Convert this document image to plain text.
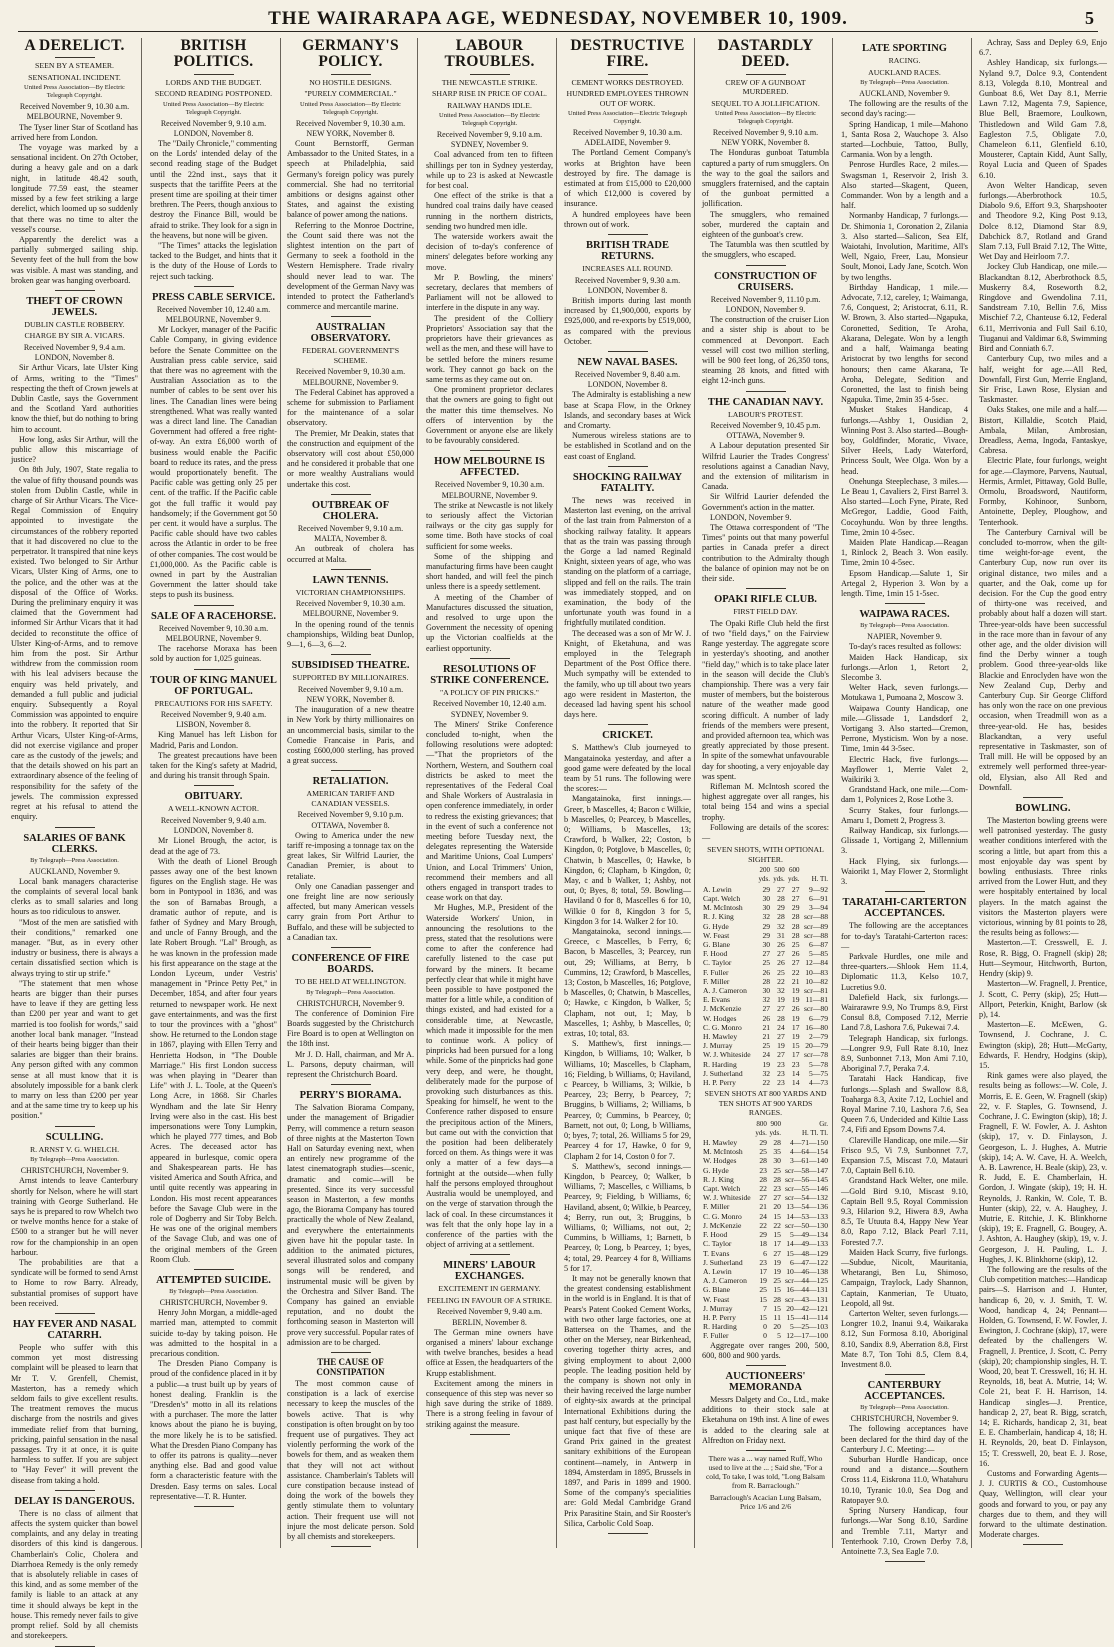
THE WAIRARAPA AGE, WEDNESDAY, NOVEMBER 10, 1909.	5
A DERELICT.
SEEN BY A STEAMER.
SENSATIONAL INCIDENT.
United Press Association—By Electric Telegraph Copyright.
Received November 9, 10.30 a.m.
MELBOURNE, November 9.

The Tyser liner Star of Scotland has arrived here from London.

The voyage was marked by a sensational incident. On 27th October, during a heavy gale and on a dark night, in latitude 48.42 south, longitude 77.59 east, the steamer missed by a few feet striking a large derelict, which loomed up so suddenly that there was no time to alter the vessel's course.

Apparently the derelict was a partially submerged sailing ship. Seventy feet of the hull from the bow was visible. A mast was standing, and broken gear was hanging overboard.

THEFT OF CROWN JEWELS.
DUBLIN CASTLE ROBBERY.
CHARGE BY SIR A. VICARS.
Received November 9, 9.4 a.m.
LONDON, November 8.

Sir Arthur Vicars, late Ulster King of Arms, writing to the "Times" respecting the theft of Crown jewels at Dublin Castle, says the Government and the Scotland Yard authorities know the thief, but do nothing to bring him to account.

How long, asks Sir Arthur, will the public allow this miscarriage of justice?

On 8th July, 1907, State regalia to the value of fifty thousand pounds was stolen from Dublin Castle, while in charge of Sir Arthur Vicars. The Vice-Regal Commission of Enquiry appointed to investigate the circumstances of the robbery reported that it had discovered no clue to the perpetrator. It transpired that nine keys existed. Two belonged to Sir Arthur Vicars, Ulster King of Arms, one to the police, and the other was at the disposal of the Office of Works. During the preliminary enquiry it was claimed that the Government had informed Sir Arthur Vicars that it had decided to reconstitute the office of Ulster King-of-Arms, and to remove him from the post. Sir Arthur withdrew from the commission room with his leal advisers because the enquiry was held privately, and demanded a full public and judicial enquiry. Subsequently a Royal Commission was appointed to enquire into the robbery. It reported that Sir Arthur Vicars, Ulster King-of-Arms, did not exercise vigilance and proper care as the custody of the jewels; and that the details showed on his part an extraordinary absence of the feeling of responsibility for the safety of the jewels. The commission expressed regret at his refusal to attend the enquiry.

SALARIES OF BANK CLERKS.
By Telegraph—Press Association.
AUCKLAND, November 9.

Local bank managers characterise the complaints of several local bank clerks as to small salaries and long hours as too ridiculous to answer.

"Most of the men are satisfied with their conditions," remarked one manager. "But, as in every other industry or business, there is always a certain dissatisfied section which is always trying to stir up strife."

"The statement that men whose hearts are bigger than their purses have to leave if they are getting less than £200 per year and want to get married is too foolish for words," said another local bank manager. "Instead of their hearts being bigger than their salaries are bigger than their brains. Any person gifted with any common sense at all must know that it is absolutely impossible for a bank clerk to marry on less than £200 per year and at the same time try to keep up his position."

SCULLING.
R. ARNST V. G. WHELCH.
By Telegraph—Press Association.
CHRISTCHURCH, November 9.

Arnst intends to leave Canterbury shortly for Nelson, where he will start training with George Sutherland. He says he is prepared to row Whelch two or twelve months hence for a stake of £500 to a stranger but he will never row for the championship in an open harbour.

The probabilities are that a syndicate will be formed to send Arnst to Home to row Barry. Already, substantial promises of support have been received.

HAY FEVER AND NASAL CATARRH.

People who suffer with this common yet most distressing complaint will be pleased to learn that Mr T. V. Grenfell, Chemist, Masterton, has a remedy which seldom fails to give excellent results. The treatment removes the mucus discharge from the nostrils and gives immediate relief from that burning, pricking, painful sensation in the nasal passages. Try it at once, it is quite harmless to suffer. If you are subject to "Hay Fever" it will prevent the disease from taking a hold.

DELAY IS DANGEROUS.

There is no class of ailment that affects the system quicker than bowel complaints, and any delay in treating disorders of this kind is dangerous. Chamberlain's Colic, Cholera and Diarrhoea Remedy is the only remedy that is absolutely reliable in cases of this kind, and as some member of the family is liable to an attack at any time it should always be kept in the house. This remedy never fails to give prompt relief. Sold by all chemists and storekeepers.

BRITISH POLITICS.
LORDS AND THE BUDGET.
SECOND READING POSTPONED.
United Press Association—By Electric Telegraph Copyright.
Received November 9, 9.10 a.m.
LONDON, November 8.

The "Daily Chronicle," commenting on the Lords' intended delay of the second reading stage of the Budget until the 22nd inst., says that it suspects that the tariffite Peers at the present time are spoiling at their timer brethren. The Peers, though anxious to destroy the Finance Bill, would be afraid to strike. They look for a sign in the heavens, but none will be given.

"The Times" attacks the legislation tacked to the Budget, and hints that it is the duty of the House of Lords to reject such tacking.

PRESS CABLE SERVICE.
Received November 10, 12.40 a.m.
MELBOURNE, November 9.

Mr Lockyer, manager of the Pacific Cable Company, in giving evidence before the Senate Committee on the Australian press cable service, said that there was no agreement with the Australian Association as to the number of cables to be sent over his lines. The Canadian lines were being strengthened. What was really wanted was a direct land line. The Canadian Government had offered a free right-of-way. An extra £6,000 worth of business would enable the Pacific board to reduce its rates, and the press would proportionately benefit. The Pacific cable was getting only 25 per cent. of the traffic. If the Pacific cable got the full traffic it would pay handsomely; if the Government got 50 per cent. it would have a surplus. The Pacific cable should have two cables across the Atlantic in order to be free of other companies. The cost would be £1,000,000. As the Pacific cable is owned in part by the Australian Government the latter should take steps to push its business.

SALE OF A RACEHORSE.
Received November 9, 10.30 a.m.
MELBOURNE, November 9.

The racehorse Moraxa has been sold by auction for 1,025 guineas.

TOUR OF KING MANUEL OF PORTUGAL.
PRECAUTIONS FOR HIS SAFETY.
Received November 9, 9.40 a.m.
LISBON, November 8.

King Manuel has left Lisbon for Madrid, Paris and London.

The greatest precautions have been taken for the King's safety at Madrid, and during his transit through Spain.

OBITUARY.
A WELL-KNOWN ACTOR.
Received November 9, 9.40 a.m.
LONDON, November 8.

Mr Lionel Brough, the actor, is dead at the age of 73.

With the death of Lionel Brough passes away one of the best known figures on the English stage. He was born in Pontypool in 1836, and was the son of Barnabas Brough, a dramatic author of repute, and is father of Sydney and Mary Brough, and uncle of Fanny Brough, and the late Robert Brough. "Lal" Brough, as he was known in the profession made his first appearance on the stage at the London Lyceum, under Vestris' management in "Prince Petty Pet," in December, 1854, and after four years returned to newspaper work. He next gave entertainments, and was the first to tour the provinces with a "ghost" show. He returned to the London stage in 1867, playing with Ellen Terry and Henrietta Hodson, in "The Double Marriage." His first London success was when playing in "Dearer than Life" with J. L. Toole, at the Queen's Long Acre, in 1868. Sir Charles Wyndham and the late Sir Henry Irving were also in the cast. His best impersonations were Tony Lumpkin, which he played 777 times, and Bob Acres. The deceased actor has appeared in burlesque, comic opera and Shakespearean parts. He has visited America and South Africa, and until quite recently was appearing in London. His most recent appearances before the Savage Club were in the role of Dogberry and Sir Toby Belch. He was one of the original members of the Savage Club, and was one of the original members of the Green Room Club.

ATTEMPTED SUICIDE.
By Telegraph—Press Association.
CHRISTCHURCH, November 9.

Henry John Morgan, a middle-aged married man, attempted to commit suicide to-day by taking poison. He was admitted to the hospital in a precarious condition.

The Dresden Piano Company is proud of the confidence placed in it by a public—a trust built up by years of honest dealing. Franklin is the "Dresden's" motto in all its relations with a purchaser. The more the latter knows about the piano he is buying, the more likely he is to be satisfied. What the Dresden Piano Company has to offer its patrons is quality—never anything else. Bad and good value form a characteristic feature with the Dresden. Easy terms on sales. Local representative—T. R. Hunter.

GERMANY'S POLICY.
NO HOSTILE DESIGNS.
"PURELY COMMERCIAL."
United Press Association—By Electric Telegraph Copyright.
Received November 9, 10.30 a.m.
NEW YORK, November 8.

Count Bernstorff, German Ambassador to the United States, in a speech at Philadelphia, said Germany's foreign policy was purely commercial. She had no territorial ambitions or designs against other States, and against the existing balance of power among the nations.

Referring to the Monroe Doctrine, the Count said there was not the slightest intention on the part of Germany to seek a foothold in the Western Hemisphere. Trade rivalry should never lead to war. The development of the German Navy was intended to protect the Fatherland's commerce and mercantile marine.

AUSTRALIAN OBSERVATORY.
FEDERAL GOVERNMENT'S SCHEME.
Received November 9, 10.30 a.m.
MELBOURNE, November 9.

The Federal Cabinet has approved a scheme for submission to Parliament for the maintenance of a solar observatory.

The Premier, Mr Deakin, states that the construction and equipment of the observatory will cost about £50,000 and he considered it probable that one or more wealthy Australians would undertake this cost.

OUTBREAK OF CHOLERA.
Received November 9, 9.10 a.m.
MALTA, November 8.

An outbreak of cholera has occurred at Malta.

LAWN TENNIS.
VICTORIAN CHAMPIONSHIPS.
Received November 9, 10.30 a.m.
MELBOURNE, November 9.

In the opening round of the tennis championships, Wilding beat Dunlop, 9—1, 6—3, 6—2.

SUBSIDISED THEATRE.
SUPPORTED BY MILLIONAIRES.
Received November 9, 9.10 a.m.
NEW YORK, November 8.

The inauguration of a new theatre in New York by thirty millionaires on an uncommercial basis, similar to the Comedie Francaise in Paris, and costing £600,000 sterling, has proved a great success.

RETALIATION.
AMERICAN TARIFF AND CANADIAN VESSELS.
Received November 9, 9.10 p.m.
OTTAWA, November 8.

Owing to America under the new tariff re-imposing a tonnage tax on the great lakes, Sir Wilfrid Laurier, the Canadian Premier, is about to retaliate.

Only one Canadian passenger and one freight line are now seriously affected, but many American vessels carry grain from Port Arthur to Buffalo, and these will be subjected to a Canadian tax.

CONFERENCE OF FIRE BOARDS.
TO BE HELD AT WELLINGTON.
By Telegraph—Press Association.
CHRISTCHURCH, November 9.

The conference of Dominion Fire Boards suggested by the Christchurch Fire Board is to open at Wellington on the 18th inst.

Mr J. D. Hall, chairman, and Mr A. L. Parsons, deputy chairman, will represent the Christchurch Board.

PERRY'S BIORAMA.

The Salvation Biorama Company, under the management of Brigadier Perry, will commence a return season of three nights at the Masterton Town Hall on Saturday evening next, when an entirely new programme of the latest cinematograph studies—scenic, dramatic and comic—will be presented. Since its very successful season in Masterton, a few months ago, the Biorama Company has toured practically the whole of New Zealand, and everywhere the entertainments given have hit the popular taste. In addition to the animated pictures, several illustrated solos and company songs will be rendered, and instrumental music will be given by the Orchestra and Silver Band. The Company has gained an enviable reputation, and no doubt the forthcoming season in Masterton will prove very successful. Popular rates of admission are to be charged.

THE CAUSE OF CONSTIPATION

The most common cause of constipation is a lack of exercise necessary to keep the muscles of the bowels active. That is why constipation is often brought on by too frequent use of purgatives. They act violently performing the work of the bowels for them, and as weaken them that they will not act without assistance. Chamberlain's Tablets will cure constipation because instead of doing the work of the bowels they gently stimulate them to voluntary action. Their frequent use will not injure the most delicate person. Sold by all chemists and storekeepers.

LABOUR TROUBLES.
THE NEWCASTLE STRIKE.
SHARP RISE IN PRICE OF COAL.
RAILWAY HANDS IDLE.
United Press Association—By Electric Telegraph Copyright.
Received November 9, 9.10 a.m.
SYDNEY, November 9.

Coal advanced from ten to fifteen shillings per ton in Sydney yesterday, while up to 23 is asked at Newcastle for best coal.

One effect of the strike is that a hundred coal trains daily have ceased running in the northern districts, sending two hundred men idle.

The waterside workers await the decision of to-day's conference of miners' delegates before working any move.

Mr P. Bowling, the miners' secretary, declares that members of Parliament will not be allowed to interfere in the dispute in any way.

The president of the Colliery Proprietors' Association say that the proprietors have their grievances as well as the men, and these will have to be settled before the miners resume work. They cannot go back on the same terms as they came out on.

One prominent proprietor declares that the owners are going to fight out the matter this time themselves. No offers of intervention by the Government or anyone else are likely to be favourably considered.

HOW MELBOURNE IS AFFECTED.
Received November 9, 10.30 a.m.
MELBOURNE, November 9.

The strike at Newcastle is not likely to seriously affect the Victorian railways or the city gas supply for some time. Both have stocks of coal sufficient for some weeks.

Some of the shipping and manufacturing firms have been caught short handed, and will feel the pinch unless there is a speedy settlement.

A meeting of the Chamber of Manufactures discussed the situation, and resolved to urge upon the Government the necessity of opening up the Victorian coalfields at the earliest opportunity.

RESOLUTIONS OF STRIKE CONFERENCE.
"A POLICY OF PIN PRICKS."
Received November 10, 12.40 a.m.
SYDNEY, November 9.

The Miners' Strike Conference concluded to-night, when the following resolutions were adopted:—"That the proprietors of the Northern, Western, and Southern coal districts be asked to meet the representatives of the Federal Coal and Shale Workers of Australasia in open conference immediately, in order to redress the existing grievances; that in the event of such a conference not meeting before Tuesday next, the delegates representing the Waterside and Maritime Unions, Coal Lumpers' Union, and Local Trimmers' Union, recommend their members and all others engaged in transport trades to cease work on that day.

Mr Hughes, M.P., President of the Waterside Workers' Union, in announcing the resolutions to the press, stated that the resolutions were come to after the conference had carefully listened to the case put forward by the miners. It became perfectly clear that while it might have been possible to have postponed the matter for a little while, a condition of things existed, and had existed for a considerable time, at Newcastle, which made it impossible for the men to continue work. A policy of pinpricks had been pursued for a long while. Some of the pinpricks had gone very deep, and were, he thought, deliberately made for the purpose of provoking such disturbances as this. Speaking for himself, he went to the Conference rather disposed to ensure the precipitous action of the Miners, but came out with the conviction that the position had been deliberately forced on them. As things were it was only a matter of a few days—a fortnight at the outside—when fully half the persons employed throughout Australia would be unemployed, and on the verge of starvation through the lack of coal. In these circumstances it was felt that the only hope lay in a conference of the parties with the object of arriving at a settlement.

MINERS' LABOUR EXCHANGES.
EXCITEMENT IN GERMANY.
FEELING IN FAVOUR OF A STRIKE.
Received November 9, 9.40 a.m.
BERLIN, November 8.

The German mine owners have organised a miners' labour exchange with twelve branches, besides a head office at Essen, the headquarters of the Krupp establishment.

Excitement among the miners in consequence of this step was never so high save during the strike of 1889. There is a strong feeling in favour of striking against the measure.

DESTRUCTIVE FIRE.
CEMENT WORKS DESTROYED.
HUNDRED EMPLOYEES THROWN OUT OF WORK.
United Press Association—Electric Telegraph Copyright.
Received November 9, 10.30 a.m.
ADELAIDE, November 9.

The Portland Cement Company's works at Brighton have been destroyed by fire. The damage is estimated at from £15,000 to £20,000 of which £12,000 is covered by insurance.

A hundred employees have been thrown out of work.

BRITISH TRADE RETURNS.
INCREASES ALL ROUND.
Received November 9, 9.30 a.m.
LONDON, November 8.

British imports during last month increased by £1,900,000, exports by £925,000, and re-exports by £519,000, as compared with the previous October.

NEW NAVAL BASES.
Received November 9, 8.40 a.m.
LONDON, November 8.

The Admiralty is establishing a new base at Scapa Flow, in the Orkney Islands, and secondary bases at Wick and Cromarty.

Numerous wireless stations are to be established in Scotland and on the east coast of England.

SHOCKING RAILWAY FATALITY.

The news was received in Masterton last evening, on the arrival of the last train from Palmerston of a shocking railway fatality. It appears that as the train was passing through the Gorge a lad named Reginald Knight, sixteen years of age, who was standing on the platform of a carriage, slipped and fell on the rails. The train was immediately stopped, and on examination, the body of the unfortunate youth was found in a frightfully mutilated condition.

The deceased was a son of Mr W. J. Knight, of Eketahuna, and was employed in the Telegraph Department of the Post Office there. Much sympathy will be extended to the family, who up till about two years ago were resident in Masterton, the deceased lad having spent his school days here.

CRICKET.

S. Matthew's Club journeyed to Mangatainoka yesterday, and after a good game were defeated by the local team by 51 runs. The following were the scores:—

Mangatainoka, first innings.—Greer, b Mascelles, 4; Bacon c Wilkie, b Mascelles, 0; Pearcey, b Mascelles, 0; Williams, b Mascelles, 13; Crawford, b Walker, 22; Coston, b Kingdon, 0; Potglove, b Mascelles, 0; Chatwin, b Mascelles, 0; Hawke, b Kingdon, 6; Clapham, b Kingdon, 0; May, c and b Walker, 1; Ashby, not out, 0; Byes, 8; total, 59. Bowling—Haviland 0 for 8, Mascelles 6 for 10, Wilkie 0 for 8, Kingdon 3 for 5, Kingdon 3 for 14. Walker 2 for 10.

Mangatainoka, second innings.—Greece, c Mascelles, b Ferry, 6; Bacon, b Mascelles, 3; Pearcey, run out, 29; Williams, at Berry, b Cummins, 12; Crawford, b Mascelles, 13; Coston, b Mascelles, 16; Potglove, b Mascelles, 0; Chatwin, b Mascelles, 0; Hawke, c Kingdon, b Walker, 5; Clapham, not out, 1; May, b Mascelles, 1; Ashby, b Mascelles, 0; extras, 10; total, 83.

S. Matthew's, first innings.—Kingdon, b Williams, 10; Walker, b Williams, 10; Mascelles, b Clapham, 16; Fielding, b Williams, 0; Haviland, c Pearcey, b Williams, 3; Wilkie, b Pearcey, 23; Berry, b Pearcey, 7; Bruggins, b Williams, 2; Williams, b Pearcey, 0; Cummins, b Pearcey, 0; Barnett, not out, 0; Long, b Williams, 0; byes, 7; total, 26. Williams 5 for 29, Pearcey 4 for 17, Hawke, 0 for 9, Clapham 2 for 14, Coston 0 for 7.

S. Matthew's, second innings.—Kingdon, b Pearcey, 0; Walker, b Williams, 7; Mascelles, c Williams, b Pearcey, 9; Fielding, b Williams, 6; Haviland, absent, 0; Wilkie, b Pearcey, 4; Berry, run out, 3; Bruggins, b Williams, 0; Williams, not out, 2; Cummins, b Williams, 1; Barnett, b Pearcey, 0; Long, b Pearcey, 1; byes, 4; total, 29. Pearcey 4 for 8, Williams 5 for 17.

It may not be generally known that the greatest condensing establishment in the world is in England. It is that of Pears's Patent Cooked Cement Works, with two other large factories, one at Battersea on the Thames, and the other on the Mersey, near Birkenhead, covering together thirty acres, and giving employment to about 2,000 people. The leading position held by the company is shown not only in their having received the large number of eighty-six awards at the principal International Exhibitions during the past half century, but especially by the unique fact that five of these are Grand Prix gained in the greatest sanitary exhibitions of the European continent—namely, in Antwerp in 1894, Amsterdam in 1895, Brussels in 1897, and Paris in 1899 and 1900. Some of the company's specialities are: Gold Medal Cambridge Grand Prix Parasitine Stain, and Sir Rooster's Silica, Carbolic Cold Soap.

DASTARDLY DEED.
CREW OF A GUNBOAT MURDERED.
SEQUEL TO A JOLLIFICATION.
United Press Association—By Electric Telegraph Copyright.
Received November 9, 9.10 a.m.
NEW YORK, November 8.

The Honduras gunboat Tatumbla captured a party of rum smugglers. On the way to the goal the sailors and smugglers fraternised, and the captain of the gunboat permitted a jollification.

The smugglers, who remained sober, murdered the captain and eighteen of the gunboat's crew.

The Tatumbla was then scuttled by the smugglers, who escaped.

CONSTRUCTION OF CRUISERS.
Received November 9, 11.10 p.m.
LONDON, November 9.

The construction of the cruiser Lion and a sister ship is about to be commenced at Devonport. Each vessel will cost two million sterling, will be 900 feet long, of 26,350 tons, steaming 28 knots, and fitted with eight 12-inch guns.

THE CANADIAN NAVY.
LABOUR'S PROTEST.
Received November 9, 10.45 p.m.
OTTAWA, November 9.

A Labour deputation presented Sir Wilfrid Laurier the Trades Congress' resolutions against a Canadian Navy, and the extension of militarism in Canada.

Sir Wilfrid Laurier defended the Government's action in the matter.

LONDON, November 9.

The Ottawa correspondent of "The Times" points out that many powerful parties in Canada prefer a direct contribution to the Admiralty though the balance of opinion may not be on their side.

OPAKI RIFLE CLUB.
FIRST FIELD DAY.

The Opaki Rifle Club held the first of two "field days," on the Fairview Range yesterday. The aggregate score in yesterday's shooting, and another "field day," which is to take place later in the season will decide the Club's championship. There was a very fair muster of members, but the boisterous nature of the weather made good scoring difficult. A number of lady friends of the members were present, and provided afternoon tea, which was greatly appreciated by those present. In spite of the somewhat unfavourable day for shooting, a very enjoyable day was spent.

Rifleman M. McIntosh scored the highest aggregate over all ranges, his total being 154 and wins a special trophy.

Following are details of the scores:—

SEVEN SHOTS, WITH OPTIONAL SIGHTER.
	200	500	600	
	yds.	yds.	yds.	H. Tl.
A. Lewin	29	27	27	9—92
Capt. Welch	30	28	27	6—91
M. McIntosh	30	29	29	3—94
R. J. King	32	28	28	scr—88
G. Hyde	29	32	28	scr—89
W. Feast	29	31	28	scr—88
G. Blane	30	26	25	6—87
F. Hood	27	27	26	5—85
C. Taylor	25	26	27	12—84
F. Fuller	26	25	22	10—83
F. Miller	28	22	21	10—82
A. J. Cameron	30	32	19	scr—81
E. Evans	32	19	19	11—81
J. McKenzie	27	27	26	scr—80
W. Hodges	26	28	19	6—79
C. G. Monro	21	24	17	16—80
H. Mawley	21	27	19	2—79
J. Murray	25	19	15	20—79
W. J. Whiteside	24	27	17	scr—78
R. Harding	19	23	23	5—78
J. Sutherland	32	23	14	5—75
H. P. Perry	22	23	14	4—73
SEVEN SHOTS AT 800 YARDS AND TEN SHOTS AT 900 YARDS RANGES.
	800	900	Gr.
	yds.	yds.	H. Tl. Tl.
H. Mawley	29	28	4—71—150
M. McIntosh	25	35	4—64—154
W. Hodges	28	30	3—61—140
G. Hyde	23	25	scr—58—147
R. J. King	28	28	scr—56—145
Capt. Welch	22	23	scr—55—146
W. J. Whiteside	27	27	scr—54—132
F. Miller	21	20	13—54—136
C. G. Monro	24	15	14—53—133
J. McKenzie	22	22	scr—50—130
F. Hood	29	15	5—49—134
C. Taylor	18	17	14—49—133
T. Evans	6	27	15—48—129
J. Sutherland	23	19	6—47—122
A. Lewin	17	19	10—46—138
A. J. Cameron	19	25	scr—44—125
G. Blane	25	15	16—44—131
W. Feast	15	28	scr—43—131
J. Murray	7	15	20—42—121
H. P. Perry	15	11	15—41—114
R. Harding	0	20	5—25—103
F. Fuller	0	5	12—17—100

Aggregate over ranges 200, 500, 600, 800 and 900 yards.

AUCTIONEERS' MEMORANDA

Messrs Dalgety and Co., Ltd., make additions to their stock sale at Eketahuna on 19th inst. A line of ewes is added to the clearing sale at Alfredton on Friday next.

There was a ... way named Ruff, Who used to live at the ... ; Said she, "For a cold, To take, I was told, "Long Balsam from R. Barraclough."
Barraclough's Acacian Lung Balsam, Price 1/6 and 2/6
LATE SPORTING
RACING.
AUCKLAND RACES.
By Telegraph—Press Association.
AUCKLAND, November 9.

The following are the results of the second day's racing:—

Spring Handicap, 1 mile—Mahono 1, Santa Rosa 2, Wauchope 3. Also started—Lochbuie, Tattoo, Bully, Carmania. Won by a length.

Penrose Hurdles Race, 2 miles.—Swagsman 1, Reservoir 2, Irish 3. Also started—Skagent, Queen, Commander. Won by a length and a half.

Normanby Handicap, 7 furlongs.—Dr. Shimonia 1, Coronation 2, Zilania 3. Also started—Salicon, Sea Elf, Waiotahi, Involution, Maritime, All's Well, Ngaio, Freer, Lau, Monsieur Soult, Monoi, Lady Jane, Scotch. Won by two lengths.

Birthday Handicap, 1 mile.—Advocate, 7.12, careley, 1; Waimanga, 7.6, Conquest, 2; Aristocrat, 6.11, R. W. Brown, 3. Also started—Ngapuka, Coronetted, Sedition, Te Aroha, Akarana, Delegate. Won by a length and a half, Waimanga beating Aristocrat by two lengths for second honours; then came Akarana, Te Aroha, Delegate, Sedition and Coronetted, the last to finish being Ngapuka. Time, 2min 35 4-5sec.

Musket Stakes Handicap, 4 furlongs.—Ashby 1, Ousidian 2, Winning Post 3. Also started—Bough-boy, Goldfinder, Moratic, Vivace, Silver Heels, Lady Waterford, Princess Soult, Wee Olga. Won by a head.

Onehunga Steeplechase, 3 miles.—Le Beau 1, Cavaliers 2, First Barrel 3. Also started—Loch Fyne, Pirate, Red McGregor, Laddie, Good Faith, Cocoyhundu. Won by three lengths. Time, 2min 10 4-5sec.

Maiden Plate Handicap.—Reagan 1, Rinlock 2, Beach 3. Won easily. Time, 2min 10 4-5sec.

Epsom Handicap.—Salute 1, Sir Artegal 2, Hyperion 3. Won by a length. Time, 1min 15 1-5sec.

WAIPAWA RACES.
By Telegraph—Press Association.
NAPIER, November 9.

To-day's races resulted as follows:

Maiden Hack Handicap, six furlongs.—Arlon 1, Retort 2, Slecombe 3.

Welter Hack, seven furlongs.—Motukawa 1, Pumoana 2, Moscow 3.

Waipawa County Handicap, one mile.—Glissade 1, Landsdorf 2, Vortigang 3. Also started—Cremon, Perrone, Mysticism. Won by a nose. Time, 1min 44 3-5sec.

Electric Hack, five furlongs.—Mayflower 1, Merrie Valet 2, Waikiriki 3.

Grandstand Hack, one mile.—Com-dam 1, Polynices 2, Rose Lothe 3.

Scurry Stakes, four furlongs.—Amaru 1, Domett 2, Progress 3.

Railway Handicap, six furlongs.—Glissade 1, Vortigang 2, Millennium 3.

Hack Flying, six furlongs.—Waiorikt 1, May Flower 2, Stormlight 3.

TARATAHI-CARTERTON ACCEPTANCES.

The following are the acceptances for to-day's Taratahi-Carterton races:—

Parkvale Hurdles, one mile and three-quarters.—Shlook Hem 11.4, Diplomatic 11.3, Kelso 10.7, Lucretius 9.0.

Dalefield Hack, six furlongs.—Wairarawre 9.9, No Trumps 8.9, First Consul 8.8, Composed 7.12, Merrie Land 7.8, Lashora 7.6, Pukewai 7.4.

Telegraph Handicap, six furlongs.—Longrer 9.9, Full Rate 8.10, Inez 8.9, Sunbonnet 7.13, Mon Ami 7.10, Aboriginal 7.7, Peraka 7.4.

Taratahi Hack Handicap, five furlongs.—Splash and Swallow 8.8, Toaharga 8.3, Axite 7.12, Lochiel and Royal Marine 7.10, Lashora 7.6, Sea Queen 7.6, Undecided and Kiltie Lass 7.4, Fifi and Epsom Downs 7.4.

Clareville Handicap, one mile.—Sir Frisco 9.5, Vi 7.9, Sunbonnet 7.7, Expansion 7.5, Miscast 7.0, Matauri 7.0, Captain Bell 6.10.

Grandstand Hack Welter, one mile.—Gold Bird 9.10, Miscast 9.10, Captain Bell 9.5, Royal Commission 9.3, Hilarion 9.2, Hiwera 8.9, Awha 8.5, Te Utuuta 8.4, Happy New Year 8.0, Rapo 7.12, Black Pearl 7.11, Forested 7.7.

Maiden Hack Scurry, five furlongs.—Subdue, Nicolt, Mauritania, Whetarangi, Ben Lu, Shimoso, Campaign, Traylock, Lady Shannon, Captain, Kanmerian, Te Utuato, Leopold, all 9st.

Carterton Welter, seven furlongs.—Longrer 10.2, Inanui 9.4, Waikaraka 8.12, Sun Formosa 8.10, Aboriginal 8.10, Sandix 8.9, Aberration 8.8, First Mate 8.7, Ton Tohi 8.5, Clem 8.4, Investment 8.0.

CANTERBURY ACCEPTANCES.
By Telegraph—Press Association.
CHRISTCHURCH, November 9.

The following acceptances have been declared for the third day of the Canterbury J. C. Meeting:—

Suburban Hurdle Handicap, once round and a distance.—Southern Cross 11.4, Eiskrona 11.0, Whatahuru 10.10, Tyranic 10.0, Sea Dog and Ratopayer 9.0.

Spring Nursery Handicap, four furlongs.—War Song 8.10, Sardine and Tremble 7.11, Martyr and Tenterhook 7.10, Crown Derby 7.8, Antoinette 7.3, Sea Eagle 7.0.

Achray, Sass and Depley 6.9, Enjo 6.7.

Ashley Handicap, six furlongs.—Nyland 9.7, Dolce 9.3, Contendent 8.13, Volegda 8.10, Montreal and Gunboat 8.6, Wet Day 8.1, Merrie Lawn 7.12, Magenta 7.9, Sapience, Blue Bell, Braemore, Loulkown, Thistledown and Wild Gam 7.8, Eagleston 7.5, Obligate 7.0, Chameleon 6.11, Glenfield 6.10, Mousterer, Captain Kidd, Aunt Sally, Royal Lucia and Queen of Spades 6.10.

Avon Welter Handicap, seven furlongs.—Aberbrothock 10.5, Diabolo 9.6, Effort 9.3, Sharpshooter and Theodore 9.2, King Post 9.13, Dolce 8.12, Diamond Star 8.9, Dabchick 8.7, Rotland and Grand Slam 7.13, Full Braid 7.12, The Witte, Wet Day and Heirloom 7.7.

Jockey Club Handicap, one mile.—Blackandtan 8.12, Aberbrothock 8.5, Muskerry 8.4, Roseworth 8.2, Ringdove and Gwendolina 7.11, Sandstream 7.10, Bellin 7.6, Miss Mischief 7.2, Chanteuse 6.12, Federal 6.11, Merrivonia and Full Sail 6.10, Tiuganui and Valdimar 6.8, Swimming Bird and Conniath 6.7.

Canterbury Cup, two miles and a half, weight for age.—All Red, Downfall, First Gun, Merrie England, Sir Frisc, Lawn Rose, Elysian and Taskmaster.

Oaks Stakes, one mile and a half.—Bistort, Killaldie, Scotch Plaid, Ambala, Milan, Ambrosian, Dreadless, Aema, Ingoda, Fantaskye, Cabresa.

Electric Plate, four furlongs, weight for age.—Claymore, Parvens, Nautual, Hermis, Armlet, Pittaway, Gold Bulle, Ormolu, Broadsword, Nautiform, Formby, Kohinoor, Sunborn, Antoinette, Depley, Ploughow, and Tenterhook.

The Canterbury Carnival will be concluded to-morrow, when the gilt-time weight-for-age event, the Canterbury Cup, now run over its original distance, two miles and a quarter, and the Oak, come up for decision. For the Cup the good entry of thirty-one was received, and probably about half a dozen will start. Three-year-olds have been successful in the race more than in favour of any other age, and the older division will find the Derby winner a tough problem. Good three-year-olds like Blackie and Enroclyden have won the New Zealand Cup, Derby and Canterbury Cup. Sir George Clifford has only won the race on one previous occasion, when Treadmill won as a three-year-old. He has, besides Blackandtan, a very useful representative in Taskmaster, son of Trall mill. He will be opposed by an extremely well performed three-year-old, Elysian, also All Red and Downfall.

BOWLING.

The Masterton bowling greens were well patronised yesterday. The gusty weather conditions interfered with the scoring a little, but apart from this a most enjoyable day was spent by bowling enthusiasts. Three rinks arrived from the Lower Hutt, and they were hospitably entertained by local players. In the match against the visitors the Masterton players were victorious, winning by 81 points to 28, the results being as follows:—

Masterton.—T. Cresswell, E. J. Rose, R. Bigg, O. Fragnell (skip) 28; Hutt—Seymour, Hitchworth, Burton, Hendry (skip) 9.

Masterton—W. Fragnell, J. Prentice, J. Scott, C. Perry (skip), 25; Hutt—Allport, Peterkin, Knight, Barlow (sk p), 14.

Masterton—E. McEwen, G. Townsend, J. Cochrane, J. C. Ewington (skip), 28; Hutt—McGarty, Edwards, F. Hendry, Hodgins (skip), 15.

Rink games were also played, the results being as follows:—W. Cole, J. Morris, E. E. Geen, W. Fragnell (skip) 22, v. F. Staples, G. Townsend, J. Cochrane, J. C. Ewington (skip), 18; J. Fragnell, F. W. Fowler, A. J. Ashton (skip), 17, v. D. Finlayson, J. Georgeson, L. J. Hughes, A. Mutrie (skip), 14; A. W. Cave, H. A. Weelch, A. B. Lawrence, H. Beale (skip), 23, v. R. Judd, E. E. Chamberlain, H. Gordon, J. Wingate (skip), 19; H. H. Reynolds, J. Rankin, W. Cole, T. B. Hunter (skip), 22, v. A. Haughey, J. Mutrie, E. Ritchie, J. K. Blinkhorne (skip), 19; E. Fragnell, G. Bougey, A. J. Ashton, A. Haughey (skip), 19, v. J. Georgeson, J. H. Pauling, L. J. Hughes, J. K. Blinkhorne (skip), 12.

The following are the results of the Club competition matches:—Handicap pairs—S. Harrison and J. Hunter, handicap 6, 20, v. J. Smith, T. W. Wood, handicap 4, 24; Pennant—Holden, G. Townsend, F. W. Fowler, J. Ewington, J. Cochrane (skip), 17, were defeated by the challengers W. Fragnell, J. Prentice, J. Scott, C. Perry (skip), 20; championship singles, H. T. Wood, 20, beat T. Cresswell, 16; H. H. Reynolds, 18, beat A. Mutrie, 14; W. Cole 21, beat F. H. Harrison, 14. Handicap singles—J. Prentice, handicap 2, 27, beat R. Bigg, scratch, 14; E. Richards, handicap 2, 31, beat E. E. Chamberlain, handicap 4, 18; H. H. Reynolds, 20, beat D. Finlayson, 15; T. Cresswell, 20, beat E. J. Rose, 16.

Customs and Forwarding Agents—J. J. CURTIS & CO., Customhouse Quay, Wellington, will clear your goods and forward to you, or pay any charges due to them, and they will forward to the ultimate destination. Moderate charges.
